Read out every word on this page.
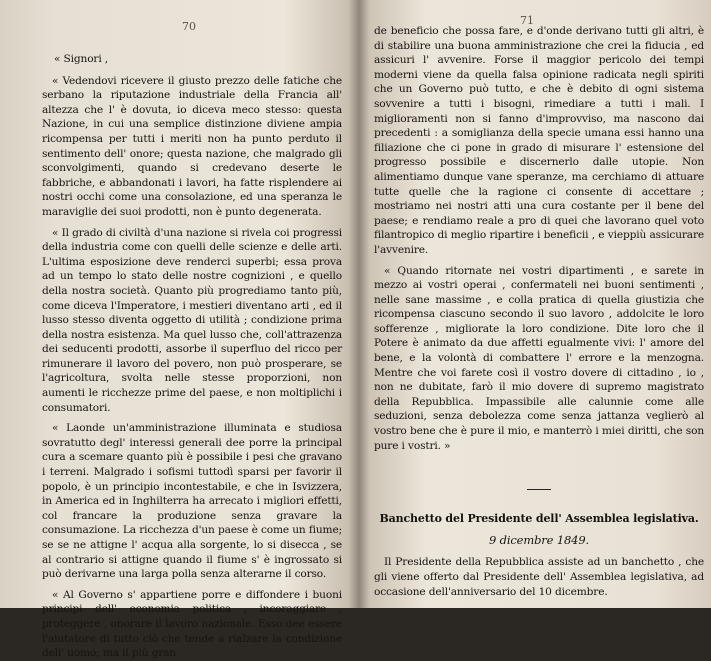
70

« Signori ,

« Vedendovi ricevere il giusto prezzo delle fatiche che serbano la riputazione industriale della Francia all' altezza che l' è dovuta, io diceva meco stesso: questa Nazione, in cui una semplice distinzione diviene ampia ricompensa per tutti i meriti non ha punto perduto il sentimento dell' onore; questa nazione, che malgrado gli sconvolgimenti, quando si credevano deserte le fabbriche, e abbandonati i lavori, ha fatte risplendere ai nostri occhi come una consolazione, ed una speranza le maraviglie dei suoi prodotti, non è punto degenerata.

« Il grado di civiltà d'una nazione si rivela coi progressi della industria come con quelli delle scienze e delle arti. L'ultima esposizione deve renderci superbi; essa prova ad un tempo lo stato delle nostre cognizioni , e quello della nostra società. Quanto più progrediamo tanto più, come diceva l'Imperatore, i mestieri diventano arti , ed il lusso stesso diventa oggetto di utilità ; condizione prima della nostra esistenza. Ma quel lusso che, coll'attrazenza dei seducenti prodotti, assorbe il superfluo del ricco per rimunerare il lavoro del povero, non può prosperare, se l'agricoltura, svolta nelle stesse proporzioni, non aumenti le ricchezze prime del paese, e non moltiplichi i consumatori.

« Laonde un'amministrazione illuminata e studiosa sovratutto degl' interessi generali dee porre la principal cura a scemare quanto più è possibile i pesi che gravano i terreni. Malgrado i sofismi tuttodì sparsi per favorir il popolo, è un principio incontestabile, e che in Isvizzera, in America ed in Inghilterra ha arrecato i migliori effetti, col francare la produzione senza gravare la consumazione. La ricchezza d'un paese è come un fiume; se se ne attigne l' acqua alla sorgente, lo si disecca , se al contrario si attigne quando il fiume s' è ingrossato si può derivarne una larga polla senza alterarne il corso.

« Al Governo s' appartiene porre e diffondere i buoni principi dell' economia politica , incoraggiare , proteggere , onorare il lavoro nazionale. Esso dee essere l'aiutatore di tutto ciò che tende a rialzare la condizione dell' uomo; ma il più gran

71

de beneficio che possa fare, e d'onde derivano tutti gli altri, è di stabilire una buona amministrazione che crei la fiducia , ed assicuri l' avvenire. Forse il maggior pericolo dei tempi moderni viene da quella falsa opinione radicata negli spiriti che un Governo può tutto, e che è debito di ogni sistema sovvenire a tutti i bisogni, rimediare a tutti i mali. I miglioramenti non si fanno d'improvviso, ma nascono dai precedenti : a somiglianza della specie umana essi hanno una filiazione che ci pone in grado di misurare l' estensione del progresso possibile e discernerlo dalle utopie. Non alimentiamo dunque vane speranze, ma cerchiamo di attuare tutte quelle che la ragione ci consente di accettare ; mostriamo nei nostri atti una cura costante per il bene del paese; e rendiamo reale a pro di quei che lavorano quel voto filantropico di meglio ripartire i beneficii , e vieppiù assicurare l'avvenire.

« Quando ritornate nei vostri dipartimenti , e sarete in mezzo ai vostri operai , confermateli nei buoni sentimenti , nelle sane massime , e colla pratica di quella giustizia che ricompensa ciascuno secondo il suo lavoro , addolcite le loro sofferenze , migliorate la loro condizione. Dite loro che il Potere è animato da due affetti egualmente vivi: l' amore del bene, e la volontà di combattere l' errore e la menzogna. Mentre che voi farete così il vostro dovere di cittadino , io , non ne dubitate, farò il mio dovere di supremo magistrato della Repubblica. Impassibile alle calunnie come alle seduzioni, senza debolezza come senza jattanza veglierò al vostro bene che è pure il mio, e manterrò i miei diritti, che son pure i vostri. »

Banchetto del Presidente dell' Assemblea legislativa.

9 dicembre 1849.

Il Presidente della Repubblica assiste ad un banchetto , che gli viene offerto dal Presidente dell' Assemblea legislativa, ad occasione dell'anniversario del 10 dicembre.
